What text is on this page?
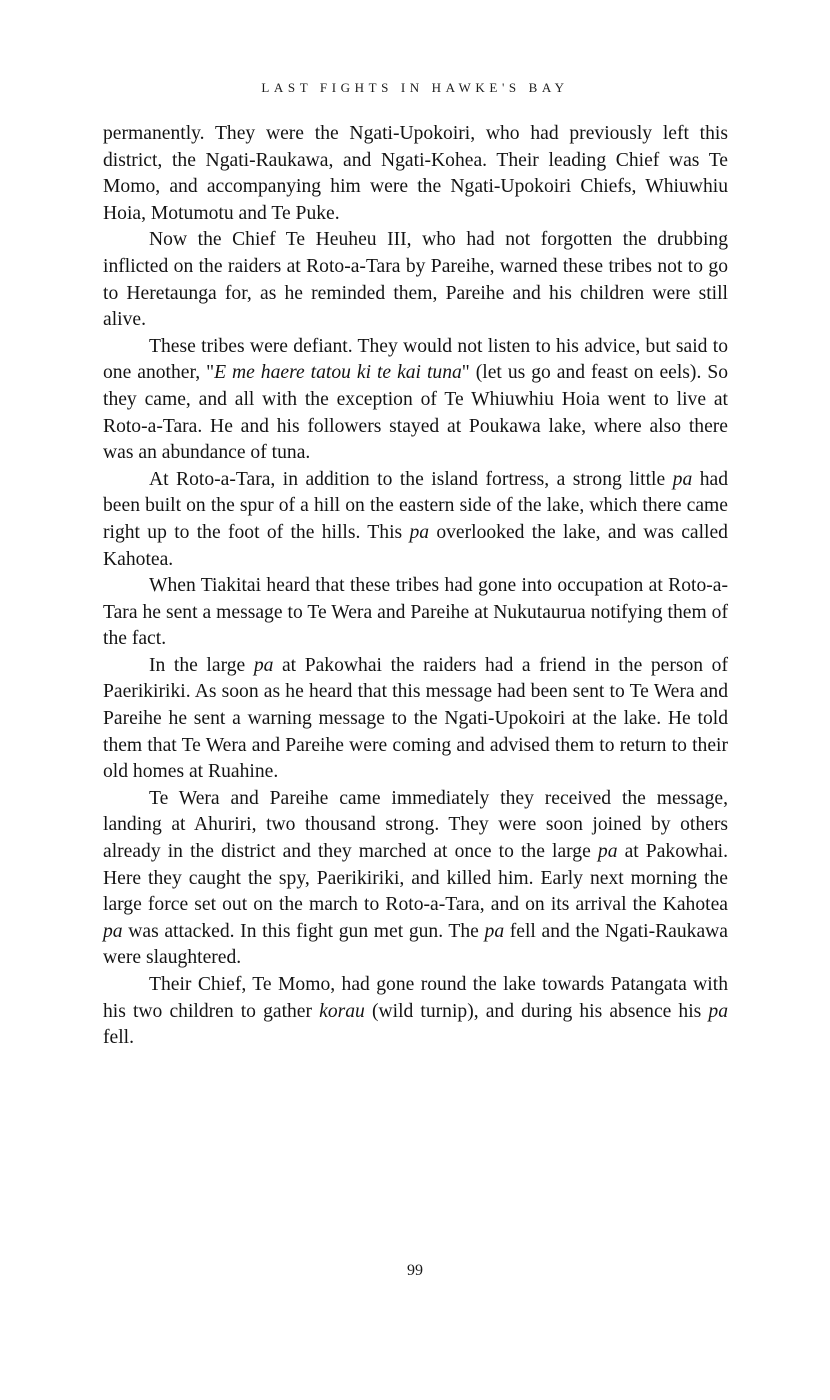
LAST FIGHTS IN HAWKE'S BAY

permanently. They were the Ngati-Upokoiri, who had previously left this district, the Ngati-Raukawa, and Ngati-Kohea. Their leading Chief was Te Momo, and accompanying him were the Ngati-Upokoiri Chiefs, Whiuwhiu Hoia, Motumotu and Te Puke.

Now the Chief Te Heuheu III, who had not forgotten the drubbing inflicted on the raiders at Roto-a-Tara by Pareihe, warned these tribes not to go to Heretaunga for, as he reminded them, Pareihe and his children were still alive.

These tribes were defiant. They would not listen to his advice, but said to one another, "E me haere tatou ki te kai tuna" (let us go and feast on eels). So they came, and all with the exception of Te Whiuwhiu Hoia went to live at Roto-a-Tara. He and his followers stayed at Poukawa lake, where also there was an abundance of tuna.

At Roto-a-Tara, in addition to the island fortress, a strong little pa had been built on the spur of a hill on the eastern side of the lake, which there came right up to the foot of the hills. This pa overlooked the lake, and was called Kahotea.

When Tiakitai heard that these tribes had gone into occupation at Roto-a-Tara he sent a message to Te Wera and Pareihe at Nukutaurua notifying them of the fact.

In the large pa at Pakowhai the raiders had a friend in the person of Paerikiriki. As soon as he heard that this message had been sent to Te Wera and Pareihe he sent a warning message to the Ngati-Upokoiri at the lake. He told them that Te Wera and Pareihe were coming and advised them to return to their old homes at Ruahine.

Te Wera and Pareihe came immediately they received the message, landing at Ahuriri, two thousand strong. They were soon joined by others already in the district and they marched at once to the large pa at Pakowhai. Here they caught the spy, Paerikiriki, and killed him. Early next morning the large force set out on the march to Roto-a-Tara, and on its arrival the Kahotea pa was attacked. In this fight gun met gun. The pa fell and the Ngati-Raukawa were slaughtered.

Their Chief, Te Momo, had gone round the lake towards Patangata with his two children to gather korau (wild turnip), and during his absence his pa fell.

99
